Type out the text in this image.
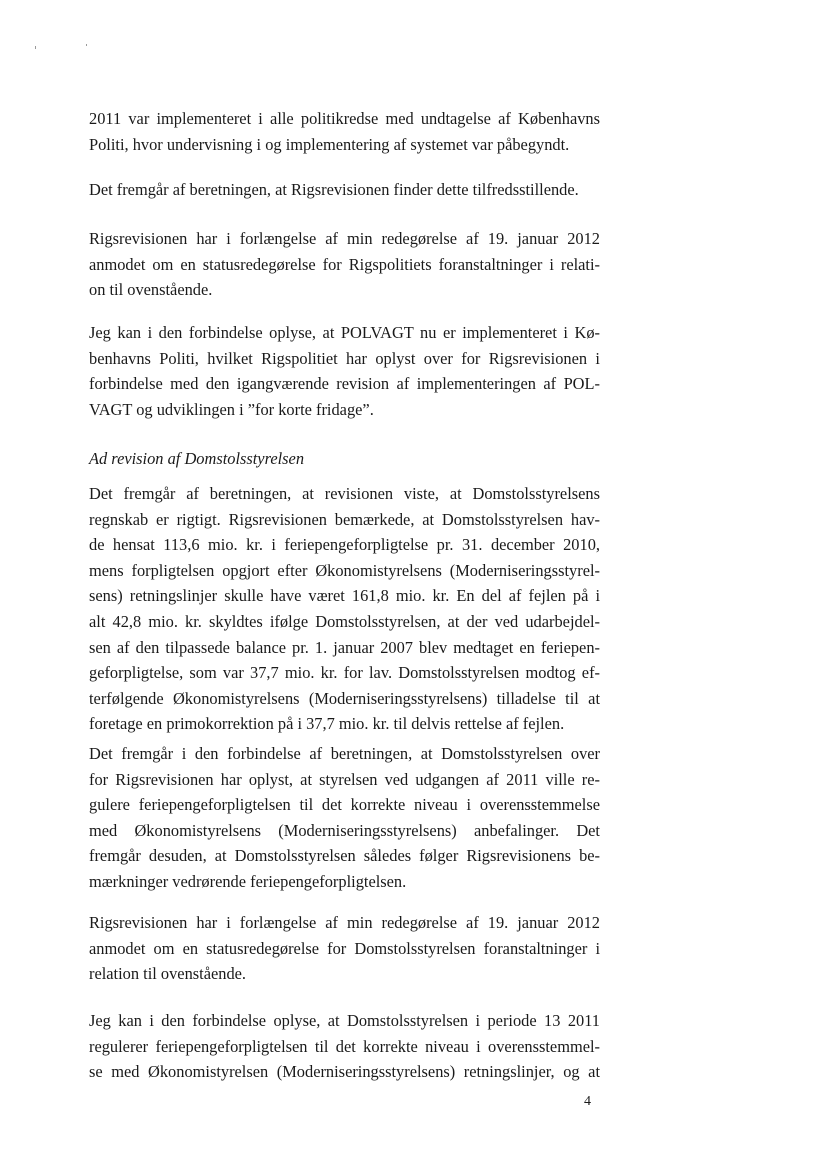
2011 var implementeret i alle politikredse med undtagelse af Københavns
Politi, hvor undervisning i og implementering af systemet var påbegyndt.
Det fremgår af beretningen, at Rigsrevisionen finder dette tilfredsstillende.
Rigsrevisionen har i forlængelse af min redegørelse af 19. januar 2012
anmodet om en statusredegørelse for Rigspolitiets foranstaltninger i relati-
on til ovenstående.
Jeg kan i den forbindelse oplyse, at POLVAGT nu er implementeret i Kø-
benhavns Politi, hvilket Rigspolitiet har oplyst over for Rigsrevisionen i
forbindelse med den igangværende revision af implementeringen af POL-
VAGT og udviklingen i ”for korte fridage”.

Ad revision af Domstolsstyrelsen

Det fremgår af beretningen, at revisionen viste, at Domstolsstyrelsens
regnskab er rigtigt. Rigsrevisionen bemærkede, at Domstolsstyrelsen hav-
de hensat 113,6 mio. kr. i feriepengeforpligtelse pr. 31. december 2010,
mens forpligtelsen opgjort efter Økonomistyrelsens (Moderniseringsstyrel-
sens) retningslinjer skulle have været 161,8 mio. kr. En del af fejlen på i
alt 42,8 mio. kr. skyldtes ifølge Domstolsstyrelsen, at der ved udarbejdel-
sen af den tilpassede balance pr. 1. januar 2007 blev medtaget en feriepen-
geforpligtelse, som var 37,7 mio. kr. for lav. Domstolsstyrelsen modtog ef-
terfølgende Økonomistyrelsens (Moderniseringsstyrelsens) tilladelse til at
foretage en primokorrektion på i 37,7 mio. kr. til delvis rettelse af fejlen.
Det fremgår i den forbindelse af beretningen, at Domstolsstyrelsen over
for Rigsrevisionen har oplyst, at styrelsen ved udgangen af 2011 ville re-
gulere feriepengeforpligtelsen til det korrekte niveau i overensstemmelse
med Økonomistyrelsens (Moderniseringsstyrelsens) anbefalinger. Det
fremgår desuden, at Domstolsstyrelsen således følger Rigsrevisionens be-
mærkninger vedrørende feriepengeforpligtelsen.
Rigsrevisionen har i forlængelse af min redegørelse af 19. januar 2012
anmodet om en statusredegørelse for Domstolsstyrelsen foranstaltninger i
relation til ovenstående.
Jeg kan i den forbindelse oplyse, at Domstolsstyrelsen i periode 13 2011
regulerer feriepengeforpligtelsen til det korrekte niveau i overensstemmel-
se med Økonomistyrelsen (Moderniseringsstyrelsens) retningslinjer, og at

4
